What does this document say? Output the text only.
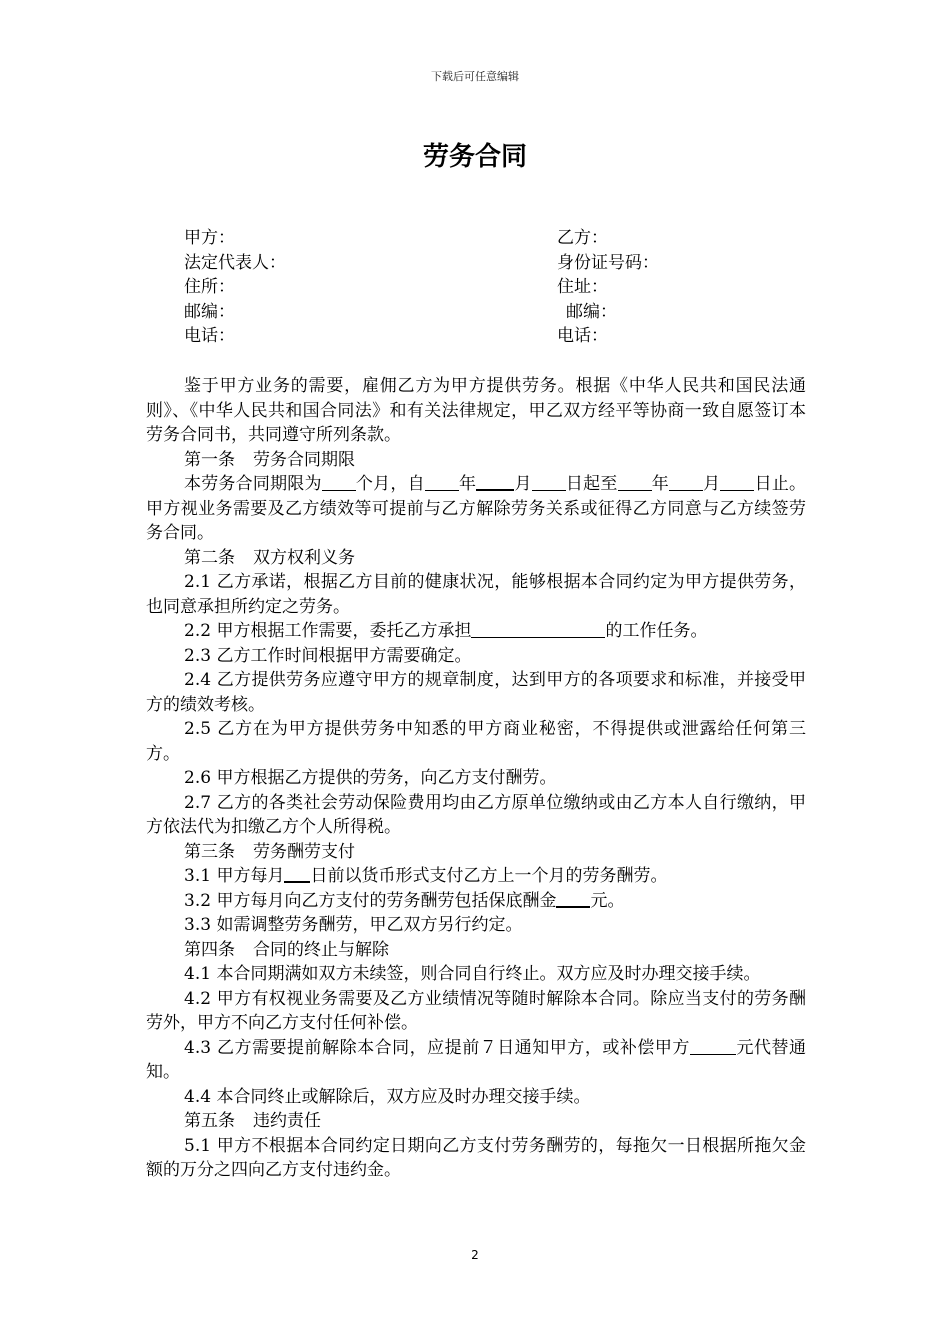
下载后可任意编辑
劳务合同
甲方：	乙方：
法定代表人：	身份证号码：
住所：	住址：
邮编：	邮编：
电话：	电话：

鉴于甲方业务的需要，雇佣乙方为甲方提供劳务。根据《中华人民共和国民法通则》、《中华人民共和国合同法》和有关法律规定，甲乙双方经平等协商一致自愿签订本劳务合同书，共同遵守所列条款。

第一条 劳务合同期限

本劳务合同期限为 个月，自 年 月 日起至 年 月 日止。甲方视业务需要及乙方绩效等可提前与乙方解除劳务关系或征得乙方同意与乙方续签劳务合同。

第二条 双方权利义务

2.1 乙方承诺，根据乙方目前的健康状况，能够根据本合同约定为甲方提供劳务，也同意承担所约定之劳务。

2.2 甲方根据工作需要，委托乙方承担	的工作任务。

2.3 乙方工作时间根据甲方需要确定。

2.4 乙方提供劳务应遵守甲方的规章制度，达到甲方的各项要求和标准，并接受甲方的绩效考核。

2.5 乙方在为甲方提供劳务中知悉的甲方商业秘密，不得提供或泄露给任何第三方。

2.6 甲方根据乙方提供的劳务，向乙方支付酬劳。

2.7 乙方的各类社会劳动保险费用均由乙方原单位缴纳或由乙方本人自行缴纳，甲方依法代为扣缴乙方个人所得税。

第三条 劳务酬劳支付

3.1 甲方每月 日前以货币形式支付乙方上一个月的劳务酬劳。

3.2 甲方每月向乙方支付的劳务酬劳包括保底酬金 元。

3.3 如需调整劳务酬劳，甲乙双方另行约定。

第四条 合同的终止与解除

4.1 本合同期满如双方未续签，则合同自行终止。双方应及时办理交接手续。

4.2 甲方有权视业务需要及乙方业绩情况等随时解除本合同。除应当支付的劳务酬劳外，甲方不向乙方支付任何补偿。

4.3 乙方需要提前解除本合同，应提前７日通知甲方，或补偿甲方	元代替通知。

4.4 本合同终止或解除后，双方应及时办理交接手续。

第五条 违约责任

5.1 甲方不根据本合同约定日期向乙方支付劳务酬劳的，每拖欠一日根据所拖欠金额的万分之四向乙方支付违约金。

2
